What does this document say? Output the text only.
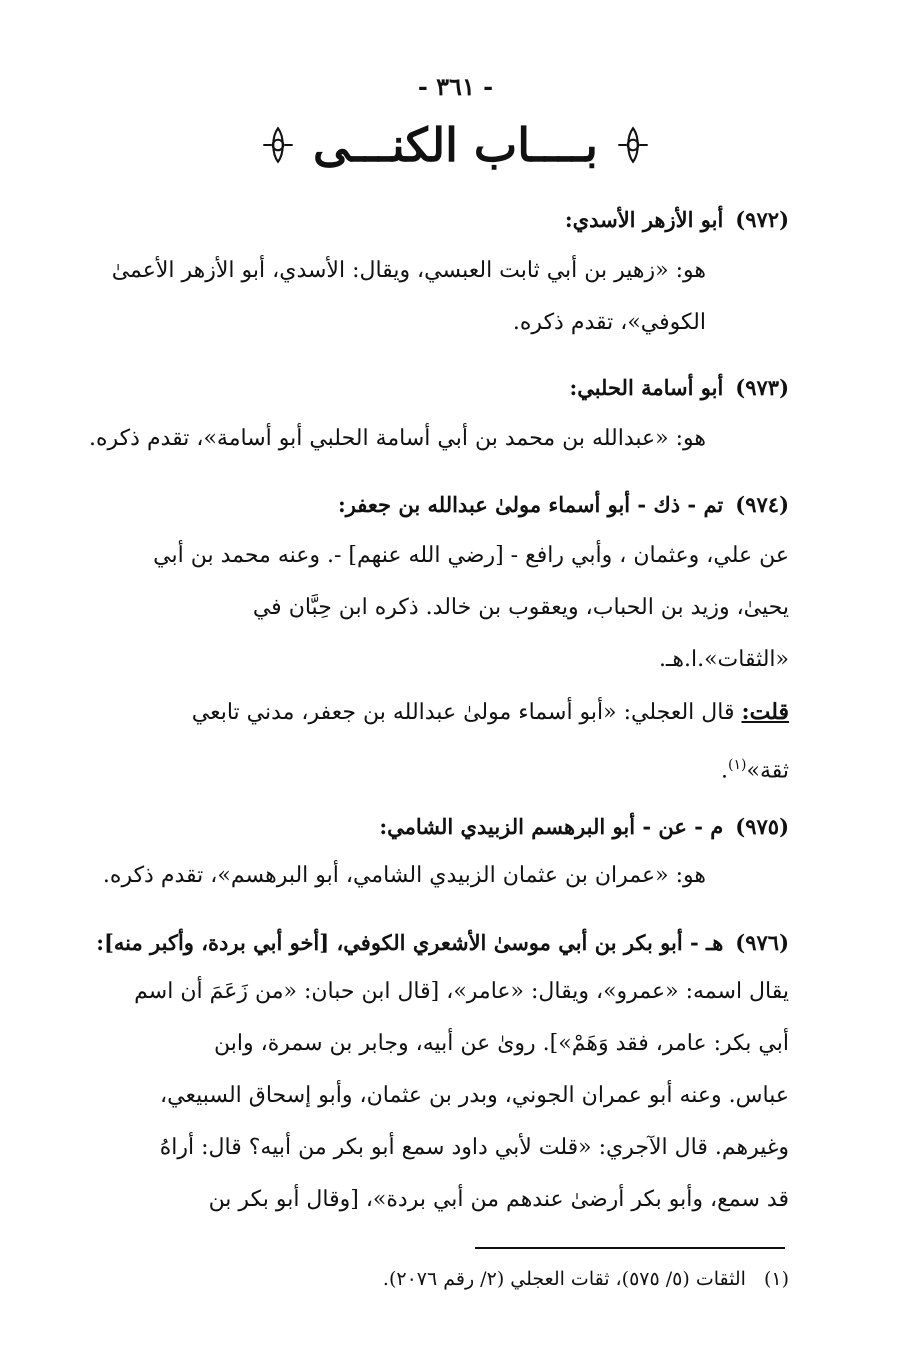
- ٣٦١ -
بــــاب الكنـــى
(٩٧٢)أبو الأزهر الأسدي:
هو: «زهير بن أبي ثابت العبسي، ويقال: الأسدي، أبو الأزهر الأعمىٰ
الكوفي»، تقدم ذكره.
(٩٧٣)أبو أسامة الحلبي:
هو: «عبدالله بن محمد بن أبي أسامة الحلبي أبو أسامة»، تقدم ذكره.
(٩٧٤)تم - ذك - أبو أسماء مولىٰ عبدالله بن جعفر:
عن علي، وعثمان ، وأبي رافع - [رضي الله عنهم] -. وعنه محمد بن أبي
يحيىٰ، وزيد بن الحباب، ويعقوب بن خالد. ذكره ابن حِبَّان في
«الثقات».ا.هـ.
قلت: قال العجلي: «أبو أسماء مولىٰ عبدالله بن جعفر، مدني تابعي
ثقة»$^{(١)}$.
(٩٧٥)م - عن - أبو البرهسم الزبيدي الشامي:
هو: «عمران بن عثمان الزبيدي الشامي، أبو البرهسم»، تقدم ذكره.
(٩٧٦)هـ - أبو بكر بن أبي موسىٰ الأشعري الكوفي، [أخو أبي بردة، وأكبر منه]:
يقال اسمه: «عمرو»، ويقال: «عامر»، [قال ابن حبان: «من زَعَمَ أن اسم
أبي بكر: عامر، فقد وَهَمْ»]. روىٰ عن أبيه، وجابر بن سمرة، وابن
عباس. وعنه أبو عمران الجوني، وبدر بن عثمان، وأبو إسحاق السبيعي،
وغيرهم. قال الآجري: «قلت لأبي داود سمع أبو بكر من أبيه؟ قال: أراهُ
قد سمع، وأبو بكر أرضىٰ عندهم من أبي بردة»، [وقال أبو بكر بن
(١)الثقات (٥/ ٥٧٥)، ثقات العجلي (٢/ رقم ٢٠٧٦).
